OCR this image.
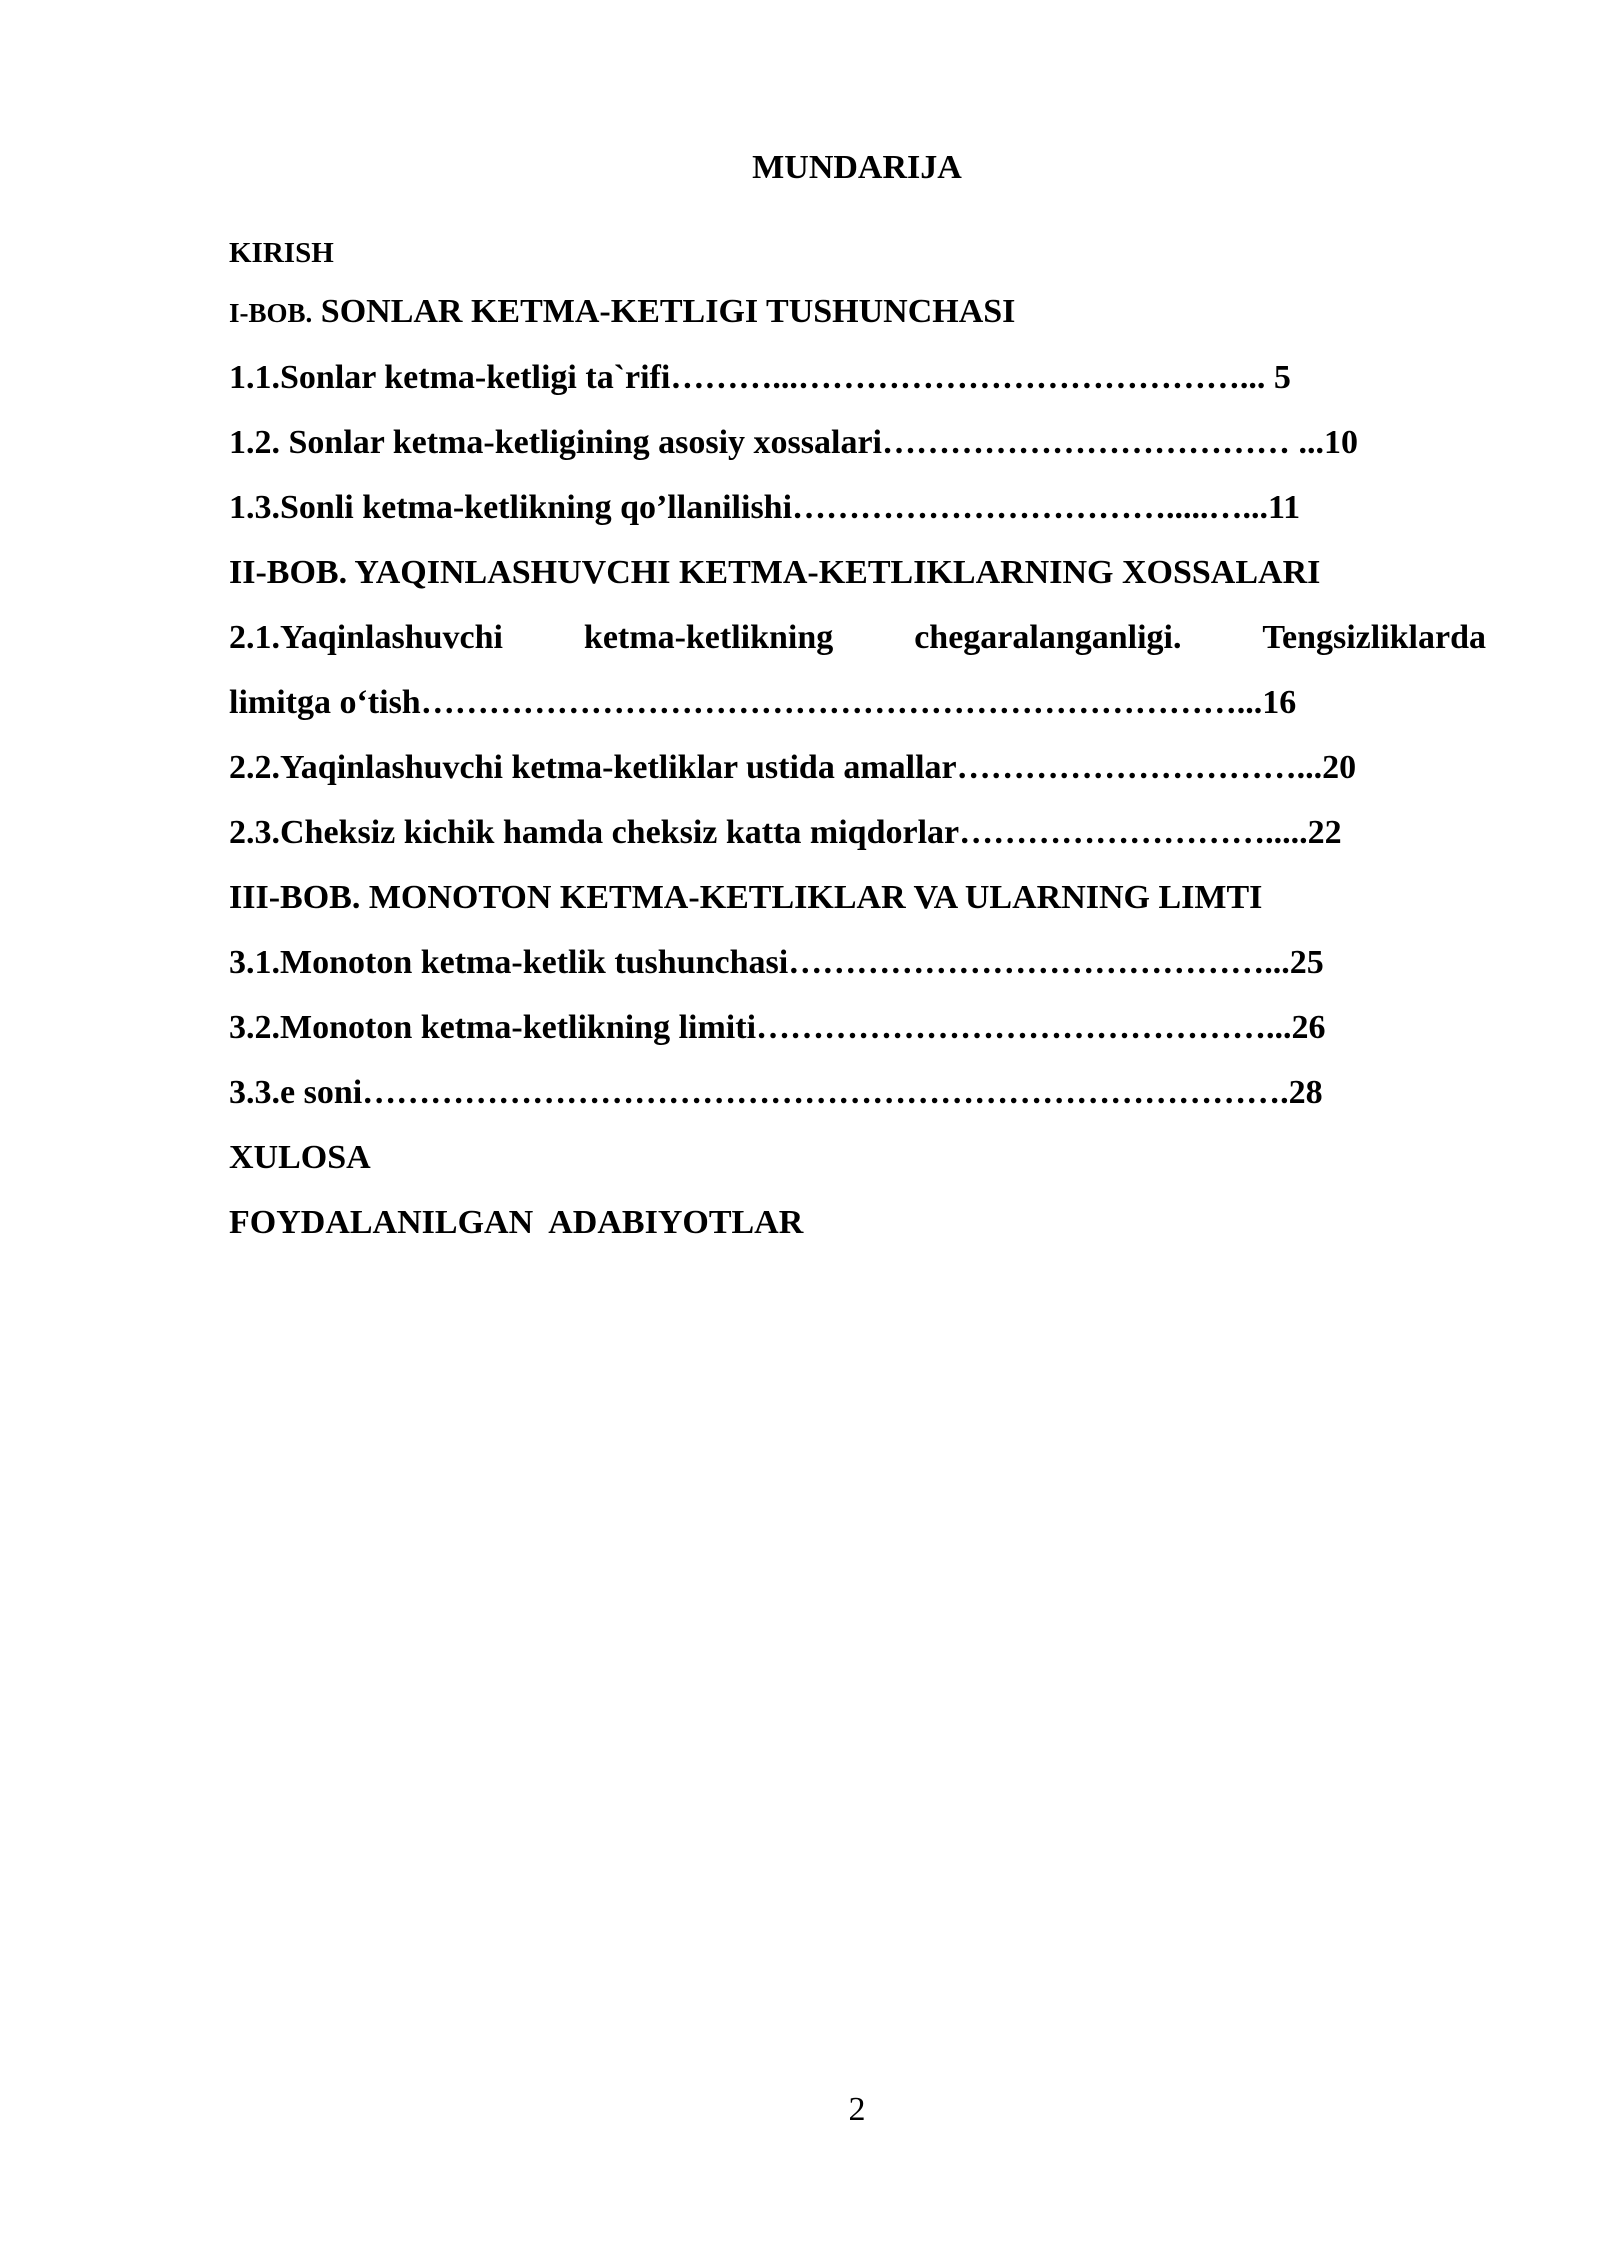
MUNDARIJA
KIRISH
I-BOB. SONLAR KETMA-KETLIGI TUSHUNCHASI
1.1.Sonlar ketma-ketligi ta`rifi………...…………………………………... 5
1.2. Sonlar ketma-ketligining asosiy xossalari……………………………… ...10
1.3.Sonli ketma-ketlikning qo’llanilishi…………………………….....…...11
II-BOB. YAQINLASHUVCHI KETMA-KETLIKLARNING XOSSALARI
2.1.Yaqinlashuvchi ketma-ketlikning chegaralanganligi. Tengsizliklarda
limitga o‘tish………………………………………………………………...16
2.2.Yaqinlashuvchi ketma-ketliklar ustida amallar…………………………...20
2.3.Cheksiz kichik hamda cheksiz katta miqdorlar……………………….....22
III-BOB. MONOTON KETMA-KETLIKLAR VA ULARNING LIMTI
3.1.Monoton ketma-ketlik tushunchasi……………………………………...25
3.2.Monoton ketma-ketlikning limiti………………………………………...26
3.3.e soni……………………………………………………………………….28
XULOSA
FOYDALANILGAN  ADABIYOTLAR
2
